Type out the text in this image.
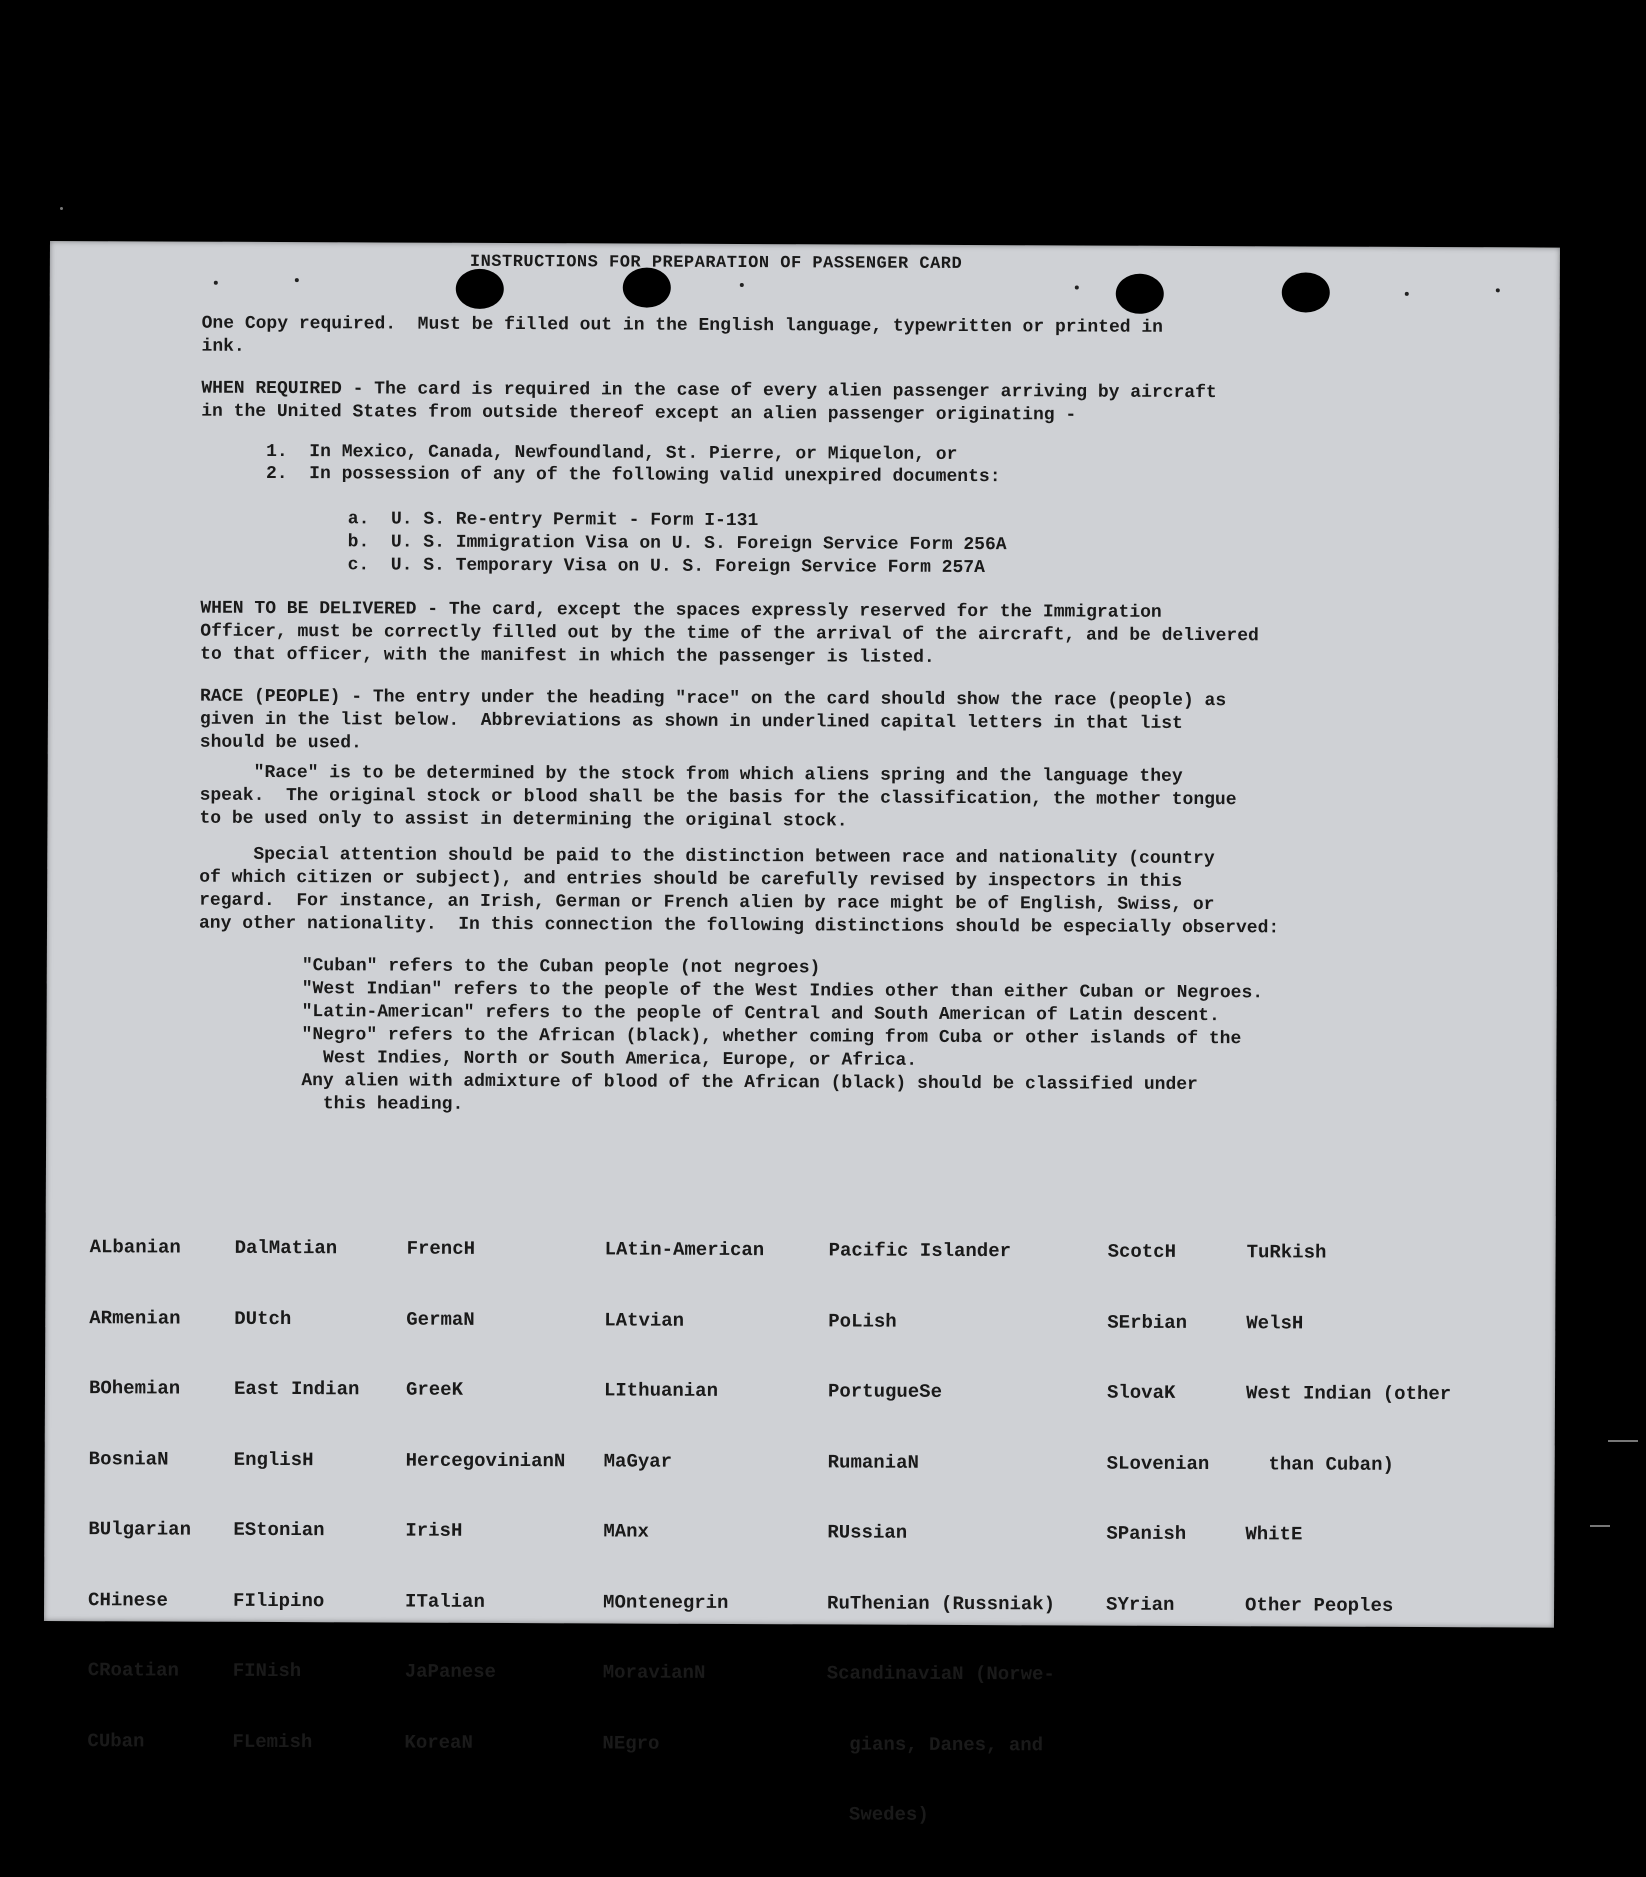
INSTRUCTIONS FOR PREPARATION OF PASSENGER CARD
One Copy required.  Must be filled out in the English language, typewritten or printed in
ink.
WHEN REQUIRED - The card is required in the case of every alien passenger arriving by aircraft
in the United States from outside thereof except an alien passenger originating -
1. In Mexico, Canada, Newfoundland, St. Pierre, or Miquelon, or
2. In possession of any of the following valid unexpired documents:
a. U. S. Re-entry Permit - Form I-131
b. U. S. Immigration Visa on U. S. Foreign Service Form 256A
c. U. S. Temporary Visa on U. S. Foreign Service Form 257A
WHEN TO BE DELIVERED - The card, except the spaces expressly reserved for the Immigration
Officer, must be correctly filled out by the time of the arrival of the aircraft, and be delivered
to that officer, with the manifest in which the passenger is listed.
RACE (PEOPLE) - The entry under the heading "race" on the card should show the race (people) as
given in the list below.  Abbreviations as shown in underlined capital letters in that list
should be used.
"Race" is to be determined by the stock from which aliens spring and the language they
speak.  The original stock or blood shall be the basis for the classification, the mother tongue
to be used only to assist in determining the original stock.
Special attention should be paid to the distinction between race and nationality (country
of which citizen or subject), and entries should be carefully revised by inspectors in this
regard.  For instance, an Irish, German or French alien by race might be of English, Swiss, or
any other nationality.  In this connection the following distinctions should be especially observed:
"Cuban" refers to the Cuban people (not negroes)
"West Indian" refers to the people of the West Indies other than either Cuban or Negroes.
"Latin-American" refers to the people of Central and South American of Latin descent.
"Negro" refers to the African (black), whether coming from Cuba or other islands of the
West Indies, North or South America, Europe, or Africa.
Any alien with admixture of blood of the African (black) should be classified under
this heading.

ALbanian

ARmenian

BOhemian

BosniaN

BUlgarian

CHinese

CRoatian

CUban

DalMatian

DUtch

East Indian

EnglisH

EStonian

FIlipino

FINish

FLemish

FrencH

GermaN

GreeK

HercegovinianN

IrisH

ITalian

JaPanese

KoreaN

LAtin-American

LAtvian

LIthuanian

MaGyar

MAnx

MOntenegrin

MoravianN

NEgro

Pacific Islander

PoLish

PortugueSe

RumaniaN

RUssian

RuThenian (Russniak)

ScandinaviaN (Norwe-

gians, Danes, and

Swedes)

ScotcH

SErbian

SlovaK

SLovenian

SPanish

SYrian

TuRkish

WelsH

West Indian (other

than Cuban)

WhitE

Other Peoples
